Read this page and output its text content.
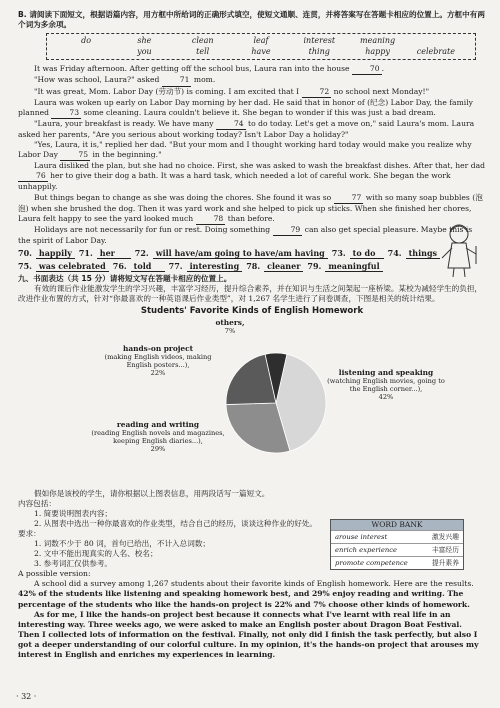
B. 请阅读下面短文，根据语篇内容，用方框中所给词的正确形式填空，使短文通顺、连贯，并将答案写在答题卡相应的位置上。方框中有两个词为多余项。

do	she	clean	leaf	interest	meaning
you	tell	have	thing	happy	celebrate

It was Friday afternoon. After getting off the school bus, Laura ran into the house	70 .

"How was school, Laura?" asked	71 mom.

"It was great, Mom. Labor Day (劳动节) is coming. I am excited that I	72 no school next Monday!"

Laura was woken up early on Labor Day morning by her dad. He said that in honor of (纪念) Labor Day, the family planned	73 some cleaning. Laura couldn't believe it. She began to wonder if this was just a bad dream.

"Laura, your breakfast is ready. We have many	74 to do today. Let's get a move on," said Laura's mom. Laura asked her parents, "Are you serious about working today? Isn't Labor Day a holiday?"

"Yes, Laura, it is," replied her dad. "But your mom and I thought working hard today would make you realize why Labor Day	75 in the beginning."

Laura disliked the plan, but she had no choice. First, she was asked to wash the breakfast dishes. After that, her dad 76 her to give their dog a bath. It was a hard task, which needed a lot of careful work. She began the work unhappily.

But things began to change as she was doing the chores. She found it was so	77 with so many soap bubbles (泡泡) when she brushed the dog. Then it was yard work and she helped to pick up sticks. When she finished her chores, Laura felt happy to see the yard looked much	78 than before.

Holidays are not necessarily for fun or rest. Doing something	79 can also get special pleasure. Maybe this is the spirit of Labor Day.

70. happily 71. her	72. will have/am going to have/am having 73. to do	74. things
75. was celebrated 76. told	77. interesting 78. cleaner 79. meaningful

九、书面表达（共 15 分）请将短文写在答题卡相应的位置上。

有效的课后作业能激发学生的学习兴趣，丰富学习经历，提升综合素养，并在知识与生活之间架起一座桥梁。某校为减轻学生的负担，改进作业布置的方式，针对“你最喜欢的一种英语课后作业类型”，对 1,267 名学生进行了问卷调查，下图是相关的统计结果。

Students' Favorite Kinds of English Homework

others,
7%
hands-on project
(making English videos, making English posters...),
22%
reading and writing
(reading English novels and magazines, keeping English diaries...),
29%
listening and speaking
(watching English movies, going to the English corner...),
42%

假如你是该校的学生，请你根据以上图表信息，用两段话写一篇短文。

内容包括：

1. 简要说明图表内容；

2. 从图表中选出一种你最喜欢的作业类型，结合自己的经历，谈谈这种作业的好处。

要求：

1. 词数不少于 80 词，首句已给出，不计入总词数；

2. 文中不能出现真实的人名、校名；

3. 参考词汇仅供参考。

WORD BANK
arouse interest	激发兴趣
enrich experience	丰富经历
promote competence	提升素养

A possible version:

A school did a survey among 1,267 students about their favorite kinds of English homework. Here are the results. 42% of the students like listening and speaking homework best, and 29% enjoy reading and writing. The percentage of the students who like the hands-on project is 22% and 7% choose other kinds of homework.

As for me, I like the hands-on project best because it connects what I've learnt with real life in an interesting way. Three weeks ago, we were asked to make an English poster about Dragon Boat Festival. Then I collected lots of information on the festival. Finally, not only did I finish the task perfectly, but also I got a deeper understanding of our colorful culture. In my opinion, it's the hands-on project that arouses my interest in English and enriches my experiences in learning.

· 32 ·
